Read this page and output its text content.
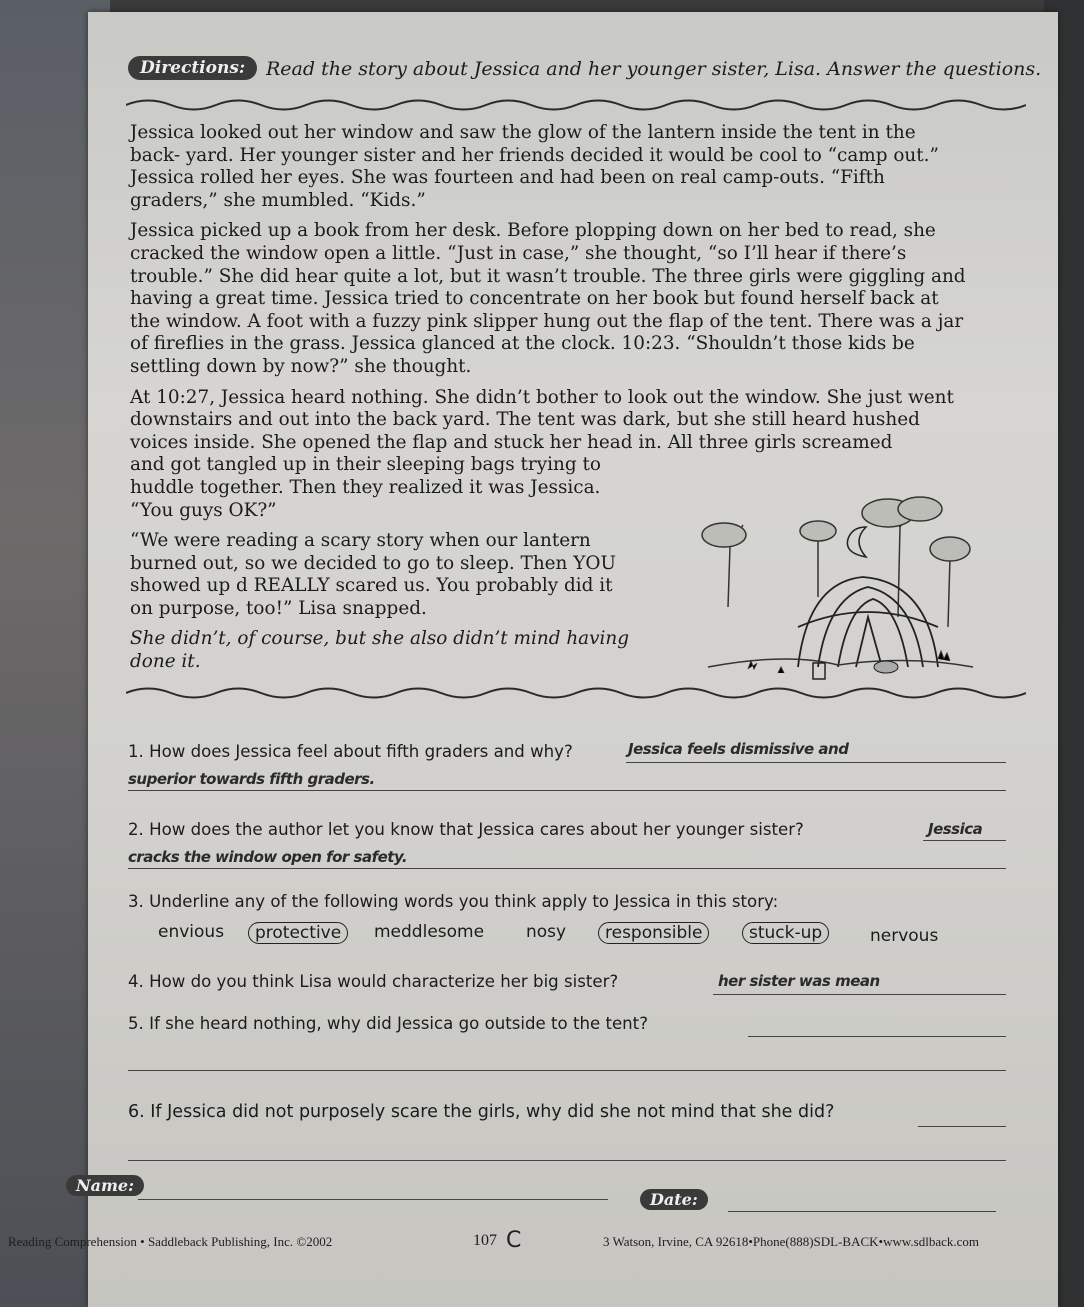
Directions:	Read the story about Jessica and her younger sister, Lisa. Answer the questions.

Jessica looked out her window and saw the glow of the lantern inside the tent in the back- yard. Her younger sister and her friends decided it would be cool to “camp out.” Jessica rolled her eyes. She was fourteen and had been on real camp-outs. “Fifth graders,” she mumbled. “Kids.”

Jessica picked up a book from her desk. Before plopping down on her bed to read, she cracked the window open a little. “Just in case,” she thought, “so I’ll hear if there’s trouble.” She did hear quite a lot, but it wasn’t trouble. The three girls were giggling and having a great time. Jessica tried to concentrate on her book but found herself back at the window. A foot with a fuzzy pink slipper hung out the flap of the tent. There was a jar of fireflies in the grass. Jessica glanced at the clock. 10:23. “Shouldn’t those kids be settling down by now?” she thought.

At 10:27, Jessica heard nothing. She didn’t bother to look out the window. She just went downstairs and out into the back yard. The tent was dark, but she still heard hushed voices inside. She opened the flap and stuck her head in. All three girls screamed

and got tangled up in their sleeping bags trying to huddle together. Then they realized it was Jessica. “You guys OK?”

“We were reading a scary story when our lantern burned out, so we decided to go to sleep. Then YOU showed up d REALLY scared us. You probably did it on purpose, too!” Lisa snapped.

She didn’t, of course, but she also didn’t mind having done it.

1. How does Jessica feel about fifth graders and why?	Jessica feels dismissive and
superior towards fifth graders.
2. How does the author let you know that Jessica cares about her younger sister?	Jessica
cracks the window open for safety.
3. Underline any of the following words you think apply to Jessica in this story:
envious	protective	meddlesome nosy	responsible	stuck-up	nervous
4. How do you think Lisa would characterize her big sister?	her sister was mean
5. If she heard nothing, why did Jessica go outside to the tent?
6. If Jessica did not purposely scare the girls, why did she not mind that she did?
Name:
Date:
Reading Comprehension • Saddleback Publishing, Inc. ©2002	107 C	3 Watson, Irvine, CA 92618•Phone(888)SDL-BACK•www.sdlback.com
